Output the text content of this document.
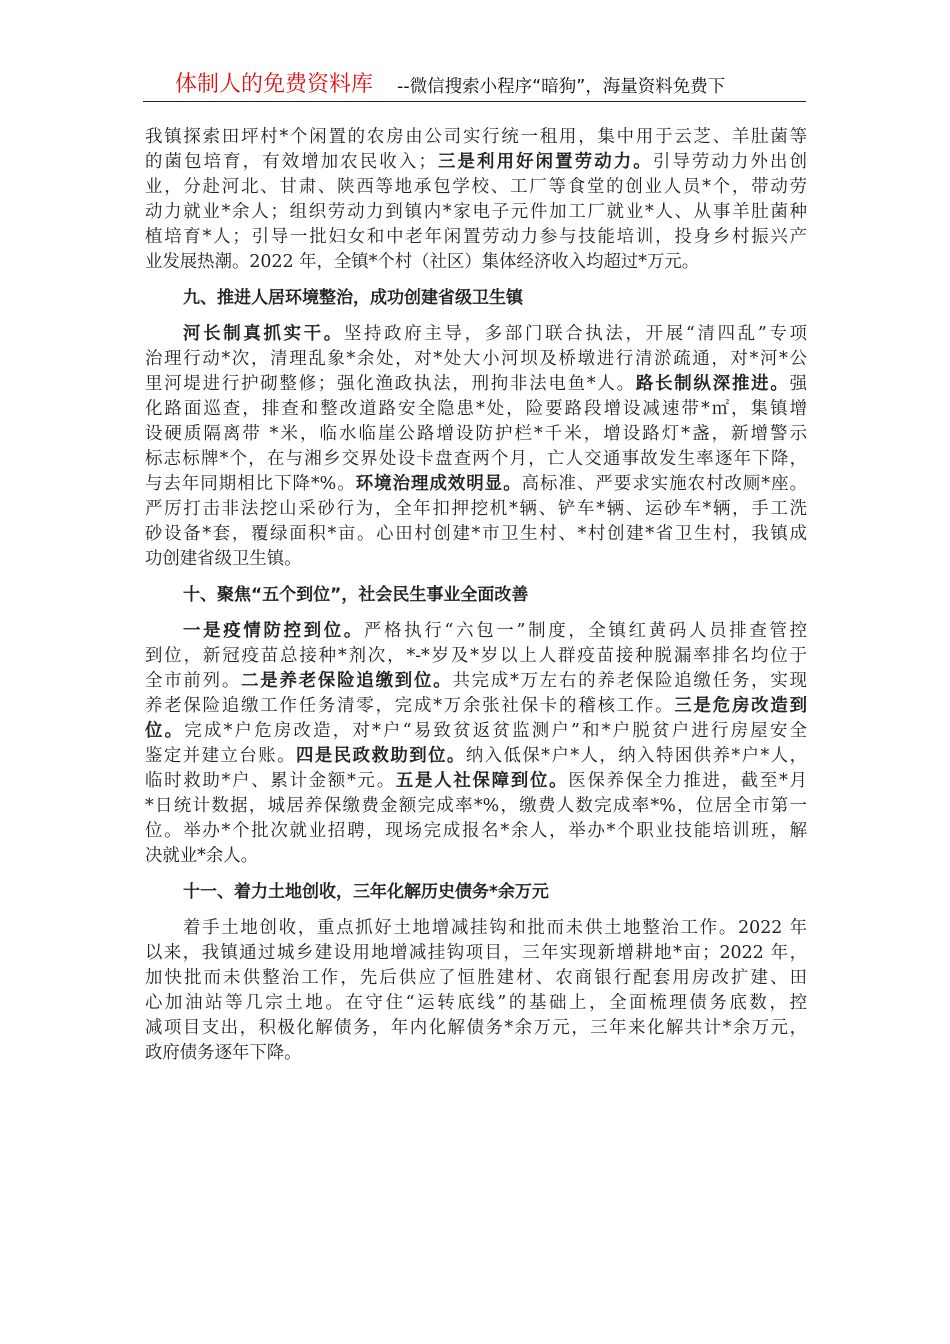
体制人的免费资料库 --微信搜索小程序“暗狗”，海量资料免费下
我镇探索田坪村*个闲置的农房由公司实行统一租用，集中用于云芝、羊肚菌等
的菌包培育，有效增加农民收入；三是利用好闲置劳动力。引导劳动力外出创
业，分赴河北、甘肃、陕西等地承包学校、工厂等食堂的创业人员*个，带动劳
动力就业*余人；组织劳动力到镇内*家电子元件加工厂就业*人、从事羊肚菌种
植培育*人；引导一批妇女和中老年闲置劳动力参与技能培训，投身乡村振兴产
业发展热潮。2022 年，全镇*个村（社区）集体经济收入均超过*万元。
九、推进人居环境整治，成功创建省级卫生镇
河长制真抓实干。坚持政府主导，多部门联合执法，开展“清四乱”专项
治理行动*次，清理乱象*余处，对*处大小河坝及桥墩进行清淤疏通，对*河*公
里河堤进行护砌整修；强化渔政执法，刑拘非法电鱼*人。路长制纵深推进。强
化路面巡查，排查和整改道路安全隐患*处，险要路段增设减速带*㎡，集镇增
设硬质隔离带 *米，临水临崖公路增设防护栏*千米，增设路灯*盏，新增警示
标志标牌*个，在与湘乡交界处设卡盘查两个月，亡人交通事故发生率逐年下降，
与去年同期相比下降*%。环境治理成效明显。高标准、严要求实施农村改厕*座。
严厉打击非法挖山采砂行为，全年扣押挖机*辆、铲车*辆、运砂车*辆，手工洗
砂设备*套，覆绿面积*亩。心田村创建*市卫生村、*村创建*省卫生村，我镇成
功创建省级卫生镇。
十、聚焦“五个到位”，社会民生事业全面改善
一是疫情防控到位。严格执行“六包一”制度，全镇红黄码人员排查管控
到位，新冠疫苗总接种*剂次，*-*岁及*岁以上人群疫苗接种脱漏率排名均位于
全市前列。二是养老保险追缴到位。共完成*万左右的养老保险追缴任务，实现
养老保险追缴工作任务清零，完成*万余张社保卡的稽核工作。三是危房改造到
位。完成*户危房改造，对*户“易致贫返贫监测户”和*户脱贫户进行房屋安全
鉴定并建立台账。四是民政救助到位。纳入低保*户*人，纳入特困供养*户*人，
临时救助*户、累计金额*元。五是人社保障到位。医保养保全力推进，截至*月
*日统计数据，城居养保缴费金额完成率*%，缴费人数完成率*%，位居全市第一
位。举办*个批次就业招聘，现场完成报名*余人，举办*个职业技能培训班，解
决就业*余人。
十一、着力土地创收，三年化解历史债务*余万元
着手土地创收，重点抓好土地增减挂钩和批而未供土地整治工作。2022 年
以来，我镇通过城乡建设用地增减挂钩项目，三年实现新增耕地*亩；2022 年，
加快批而未供整治工作，先后供应了恒胜建材、农商银行配套用房改扩建、田
心加油站等几宗土地。在守住“运转底线”的基础上，全面梳理债务底数，控
减项目支出，积极化解债务，年内化解债务*余万元，三年来化解共计*余万元，
政府债务逐年下降。
